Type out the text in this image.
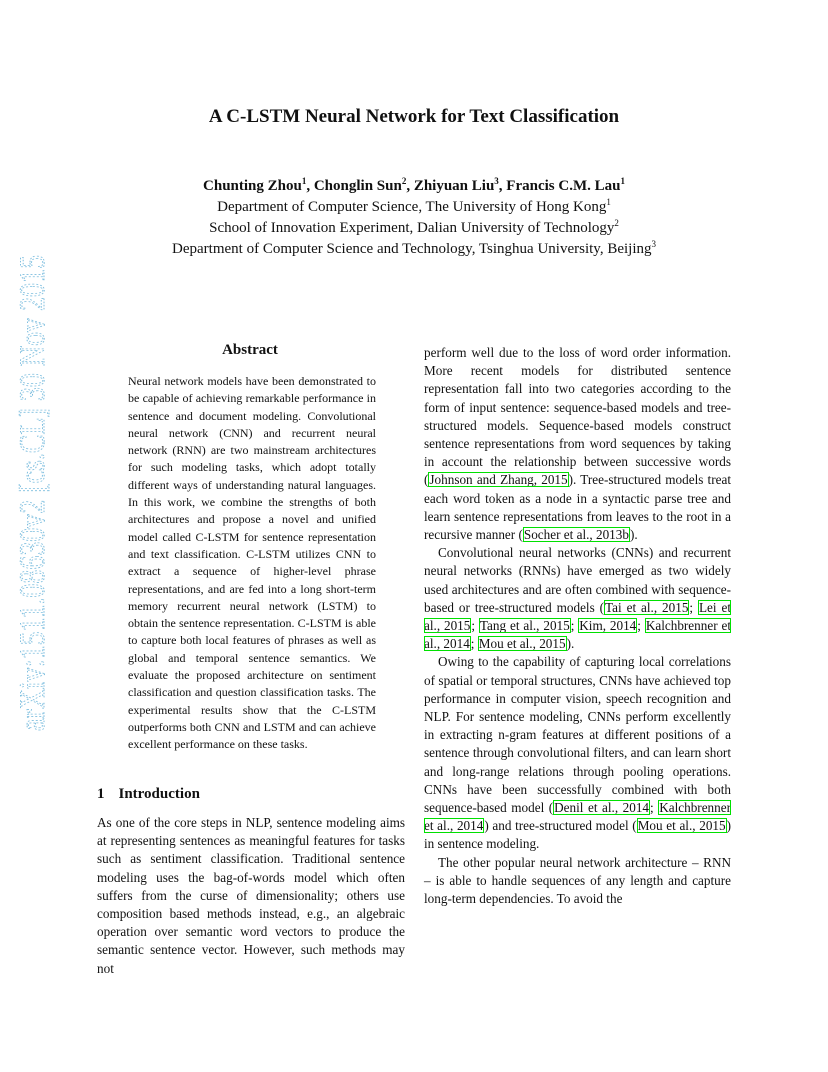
arXiv:1511.08630v2 [cs.CL] 30 Nov 2015
A C-LSTM Neural Network for Text Classification
Chunting Zhou$^1$, Chonglin Sun$^2$, Zhiyuan Liu$^3$, Francis C.M. Lau$^1$
Department of Computer Science, The University of Hong Kong$^1$
School of Innovation Experiment, Dalian University of Technology$^2$
Department of Computer Science and Technology, Tsinghua University, Beijing$^3$
Abstract
Neural network models have been demonstrated to be capable of achieving remarkable performance in sentence and document modeling. Convolutional neural network (CNN) and recurrent neural network (RNN) are two mainstream architectures for such modeling tasks, which adopt totally different ways of understanding natural languages. In this work, we combine the strengths of both architectures and propose a novel and unified model called C-LSTM for sentence representation and text classification. C-LSTM utilizes CNN to extract a sequence of higher-level phrase representations, and are fed into a long short-term memory recurrent neural network (LSTM) to obtain the sentence representation. C-LSTM is able to capture both local features of phrases as well as global and temporal sentence semantics. We evaluate the proposed architecture on sentiment classification and question classification tasks. The experimental results show that the C-LSTM outperforms both CNN and LSTM and can achieve excellent performance on these tasks.
1 Introduction
As one of the core steps in NLP, sentence modeling aims at representing sentences as meaningful features for tasks such as sentiment classification. Traditional sentence modeling uses the bag-of-words model which often suffers from the curse of dimensionality; others use composition based methods instead, e.g., an algebraic operation over semantic word vectors to produce the semantic sentence vector. However, such methods may not

perform well due to the loss of word order information. More recent models for distributed sentence representation fall into two categories according to the form of input sentence: sequence-based models and tree-structured models. Sequence-based models construct sentence representations from word sequences by taking in account the relationship between successive words (Johnson and Zhang, 2015). Tree-structured models treat each word token as a node in a syntactic parse tree and learn sentence representations from leaves to the root in a recursive manner (Socher et al., 2013b).

Convolutional neural networks (CNNs) and recurrent neural networks (RNNs) have emerged as two widely used architectures and are often combined with sequence-based or tree-structured models (Tai et al., 2015; Lei et al., 2015; Tang et al., 2015; Kim, 2014; Kalchbrenner et al., 2014; Mou et al., 2015).

Owing to the capability of capturing local correlations of spatial or temporal structures, CNNs have achieved top performance in computer vision, speech recognition and NLP. For sentence modeling, CNNs perform excellently in extracting n-gram features at different positions of a sentence through convolutional filters, and can learn short and long-range relations through pooling operations. CNNs have been successfully combined with both sequence-based model (Denil et al., 2014; Kalchbrenner et al., 2014) and tree-structured model (Mou et al., 2015) in sentence modeling.

The other popular neural network architecture – RNN – is able to handle sequences of any length and capture long-term dependencies. To avoid the
